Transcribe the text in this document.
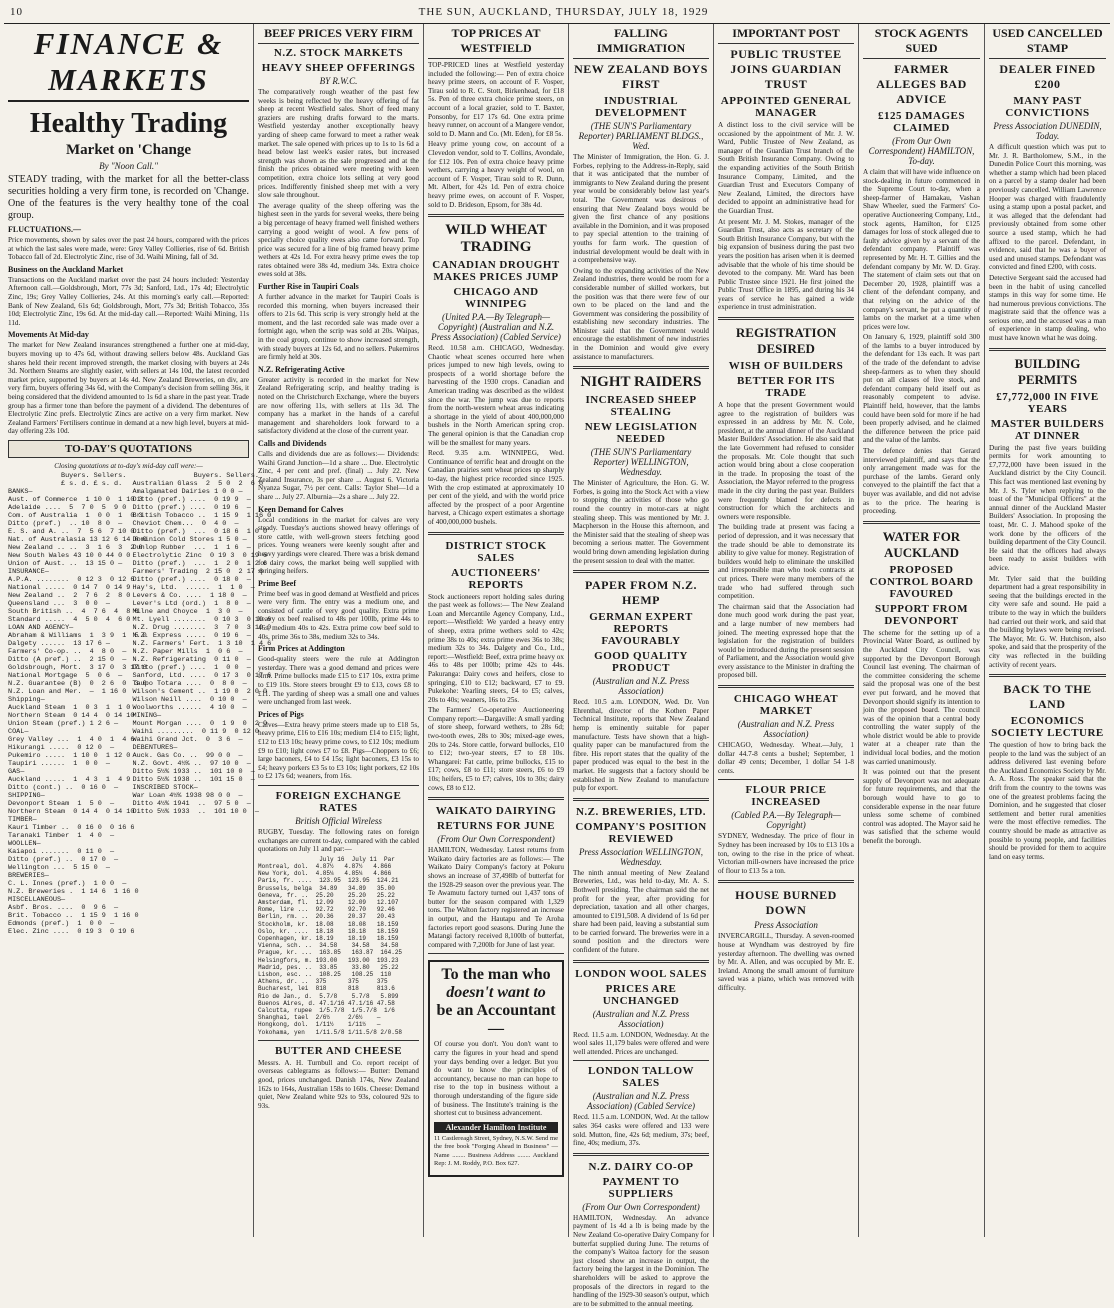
10	THE SUN, AUCKLAND, THURSDAY, JULY 18, 1929
FINANCE & MARKETS
Healthy Trading
Market on 'Change
By "Noon Call."
STEADY trading, with the market for all the better-class securities holding a very firm tone, is recorded on 'Change. One of the features is the very healthy tone of the coal group.
FLUCTUATIONS.—
Price movements, shown by sales over the past 24 hours, compared with the prices at which the last sales were made, were: Grey Valley Collieries, rise of 6d. British Tobacco fall of 2d. Electrolytic Zinc, rise of 3d. Waihi Mining, fall of 3d.
Business on the Auckland Market
Transactions on the Auckland market over the past 24 hours included: Yesterday Afternoon call.—Goldsbrough, Mort, 77s 3d; Sanford, Ltd., 17s 4d; Electrolytic Zinc, 19s; Grey Valley Collieries, 24s. At this morning's early call.—Reported: Bank of New Zealand, 61s 6d; Goldsbrough, Mort, 77s 3d; British Tobacco, 35s 10d; Electrolytic Zinc, 19s 6d. At the mid-day call.—Reported: Waihi Mining, 11s 11d.
Movements At Mid-day
The market for New Zealand insurances strengthened a further one at mid-day, buyers moving up to 47s 6d, without drawing sellers below 48s. Auckland Gas shares held their recent improved strength, the market closing with buyers at 24s 3d. Northern Steams are slightly easier, with sellers at 14s 10d, the latest recorded market price, supported by buyers at 14s 4d. New Zealand Breweries, on div, are very firm, buyers offering 34s 6d, with the Company's decision from selling 36s, it being considered that the dividend amounted to 1s 6d a share in the past year. Trade group has a firmer tone than before the payment of a dividend. The debentures of Electrolytic Zinc prefs. Electrolytic Zincs are active on a very firm market. New Zealand Farmers' Fertilisers continue in demand at a new high level, buyers at mid-day offering 23s 10d.
TO-DAY'S QUOTATIONS
Closing quotations at to-day's mid-day call were:—
Buyers. Sellers.
£ s. d. £ s. d.
BANKS—
Aust. of Commerce  1 10 0  1 10 3
Adelaide ....  5  7 0  5  9 0
Com. of Australia  1  0 0  1  0 3
Ditto (pref.)  .. 10  8 0  —
E. S. and A. ..  7  5 6  7 10 0
Nat. of Australasia 13 12 6 14 0 0
New Zealand .. ..  3  1 6  3  2 0
New South Wales 43 10 0 44 0 0
Union of Aust. ..  13 15 0 —
INSURANCE—
A.P.A. ........  0 12 3  0 12 6
National .....  0 14 7  0 14 9
New Zealand ..  2  7 6  2  8 0
Queensland ...  3  0 0  —
South British ..  4  7 6  4  8 6
Standard .....  4  5 0  4  6 0
LOAN AND AGENCY—
Abraham & Williams  1  3 9  1  5 0
Dalgety ......  13 17 6 —
Farmers' Co-op. ..  4  8 0  —
Ditto (A pref.) ..  2 15 0  —
Goldsbrough, Mort.  3 17 0  3 17 6
National Mortgage  5  0 6  —
N.Z. Guarantee (B)  0  2 6  0  3 0
N.Z. Loan and Mer.  —  1 16 0
Shipping—
Auckland Steam  1  0 3  1  1 0
Northern Steam  0 14 4  0 14 10
Union Steam (pref.) 1 2 6 —
COAL—
Grey Valley ...  1  4 0  1  4 6
Hikurangi .....  0 12 0  —
Pukemiro .....  1 10 0  1 12 0
Taupiri ......  1  0 0  —
GAS—
Auckland .....  1  4 3  1  4 9
Ditto (cont.) ..  0 16 0  —
SHIPPING—
Devonport Steam  1  5 0  —
Northern Steam  0 14 4  0 14 10
TIMBER—
Kauri Timber ..  0 16 0  0 16 6
Taranaki Timber  1  4 0  —
WOOLLEN—
Kaiapoi .......  0 11 0  —
Ditto (pref.) ..  0 17 0  —
Wellington ...  5 15 0  —
BREWERIES—
C. L. Innes (pref.)  1 0 0  —
N.Z. Breweries .  1 14 6  1 16 0
MISCELLANEOUS—
Asbf. Bros. ....  0  9 6  —
Brit. Tobacco ..  1 15 9  1 16 0
Edmonds (pref.)  1  0 0  —
Elec. Zinc ....  0 19 3  0 19 6
Buyers. Sellers.
Australian Glass  2  5 0  2  6 0
Amalgamated Dairies 1 0 0 —
Ditto (pref.) ....  0 19 9  —
Ditto (pref.) ....  0 19 6  —
British Tobacco ..  1 15 9  1 16 0
Cheviot Chem...  0  4 0  —
Ditto (pref.)  ...  0 18 6  1 0 0
Dominion Cold Stores 1 5 0 —
Dunlop Rubber  ...  1  1 6  —
Electrolytic Zinc  0 19 3  0 19 6
Ditto (pref.)  ...  1  2 0  1 2 6
Farmers' Trading  2 15 0  2 17 6
Ditto (pref.) ....  0 18 0  —
Hay's, Ltd.  ......  1  1 0  —
Levers & Co. ....  1 18 0  —
Lever's Ltd (ord.)  1  8 0  —
Milne and Choyce  1  3 0  —
Mt. Lyell ........  0 10 3  0 10 6
N.Z. Drug ........  3  7 0  3 10 0
N.Z. Express .....  0 19 6  —
N.Z. Farmers' Fert.  1 3 10  1 4 6
N.Z. Paper Mills  1  0 6  —
N.Z. Refrigerating  0 11 0  —
Ditto (pref.) ....  1  0 0  —
Sanford, Ltd. ....  0 17 3  0 17 6
Taupo Totara ....  0  8 0  —
Wilson's Cement ..  1 19 0  2 0 0
Wilson Neill ....  0 10 0  —
Woolworths ......  4 10 0  —
MINING—
Mount Morgan ....  0  1 9  0  2 0
Waihi .........  0 11 9  0 12 0
Waihi Grand Jct.  0  3 6  —
DEBENTURES—
Auck. Gas Co. ..  99 0 0  —
N.Z. Govt. 4½% ..  97 10 0  —
Ditto 5½% 1933 ..  101 10 0  —
Ditto 5½% 1938 ..  101 15 0  —
INSCRIBED STOCK—
War Loan 4½% 1938 98 0 0  —
Ditto 4½% 1941  ..  97 5 0  —
Ditto 5½% 1933  ..  101 10 0  —
BEEF PRICES VERY FIRM
N.Z. STOCK MARKETS
HEAVY SHEEP OFFERINGS
BY R.W.C.
The comparatively rough weather of the past few weeks is being reflected by the heavy offering of fat sheep at recent Westfield sales. Short of feed many graziers are rushing drafts forward to the marts. Westfield yesterday another exceptionally heavy yarding of sheep came forward to meet a rather weak market. The sale opened with prices up to 1s to 1s 6d a head below last week's easier rates, but increased strength was shown as the sale progressed and at the finish the prices obtained were meeting with keen competition, extra choice lots selling at very good prices. Indifferently finished sheep met with a very slow sale throughout.
The average quality of the sheep offering was the highest seen in the yards for several weeks, there being a big percentage of heavy framed well finished wethers carrying a good weight of wool. A few pens of specially choice quality ewes also came forward. Top price was secured for a line of big framed heavy prime wethers at 42s 1d. For extra heavy prime ewes the top rates obtained were 38s 4d, medium 34s. Extra choice ewes sold at 38s.
Further Rise in Taupiri Coals
A further advance in the market for Taupiri Coals is recorded this morning, when buyers increased their offers to 21s 6d. This scrip is very strongly held at the moment, and the last recorded sale was made over a fortnight ago, when the scrip was sold at 20s. Waipas, in the coal group, continue to show increased strength, with steady buyers at 12s 6d, and no sellers. Pukemiros are firmly held at 30s.
N.Z. Refrigerating Active
Greater activity is recorded in the market for New Zealand Refrigerating scrip, and healthy trading is noted on the Christchurch Exchange, where the buyers are now offering 11s, with sellers at 11s 3d. The company has a market in the hands of a careful management and shareholders look forward to a satisfactory dividend at the close of the current year.
Calls and Dividends
Calls and dividends due are as follows:— Dividends: Waihi Grand Junction—1d a share ... Due. Electrolytic Zinc, 4 per cent and pref. (final) ... July 22. New Zealand Insurance, 3s per share ... August 6. Victoria Nyanza Sugar, 7½ per cent. Calls: Taylor Shel—1d a share ... July 27. Alburnia—2s a share ... July 22.
Keen Demand for Calves
Local conditions in the market for calves are very steady. Tuesday's auctions showed heavy offerings of store cattle, with well-grown steers fetching good prices. Young weaners were keenly sought after and heavy yardings were cleared. There was a brisk demand for dairy cows, the market being well supplied with springing heifers.
Prime Beef
Prime beef was in good demand at Westfield and prices were very firm. The entry was a medium one, and consisted of cattle of very good quality. Extra prime heavy ox beef realised to 48s per 100lb, prime 44s to 46s, medium 40s to 42s. Extra prime cow beef sold to 40s, prime 36s to 38s, medium 32s to 34s.
Firm Prices at Addington
Good-quality steers were the rule at Addington yesterday. There was a good demand and prices were firm. Prime bullocks made £15 to £17 10s, extra prime to £19 10s. Store steers brought £9 to £13, cows £8 to £11. The yarding of sheep was a small one and values were unchanged from last week.
Prices of Pigs
Calves—Extra heavy prime steers made up to £18 5s, heavy prime, £16 to £16 10s; medium £14 to £15; light, £12 to £13 10s; heavy prime cows, to £12 10s; medium £9 to £10; light cows £7 to £8. Pigs—Choppers to £6; large baconers, £4 to £4 15s; light baconers, £3 15s to £4; heavy porkers £3 5s to £3 10s; light porkers, £2 10s to £2 17s 6d; weaners, from 16s.
FOREIGN EXCHANGE RATES
British Official Wireless
RUGBY, Tuesday. The following rates on foreign exchanges are current to-day, compared with the cabled quotations on July 11 and par:—
July 16  July 11  Par
Montreal, dol.  4.87½   4.87½   4.866
New York, dol.  4.85¼   4.85¼   4.866
Paris, fr. ....  123.95  123.95  124.21
Brussels, belga  34.89   34.89   35.00
Geneva, fr. ..  25.20    25.20   25.22
Amsterdam, fl.  12.09    12.09   12.107
Rome, lire ...  92.72    92.70   92.46
Berlin, rm. ..  20.36    20.37   20.43
Stockholm, kr.  18.08    18.08   18.159
Oslo, kr. ....  18.18    18.18   18.159
Copenhagen, kr. 18.19    18.19   18.159
Vienna, sch. ..  34.58    34.58   34.58
Prague, kr. ...  163.85   163.87  164.25
Helsingfors, m. 193.00   193.00  193.23
Madrid, pes. ..  33.85    33.80   25.22
Lisbon, esc. ..  108.25   108.25  110
Athens, dr. ..  375      375     375
Bucharest, lei  818      818     813.6
Rio de Jan., d.  5.7/8    5.7/8   5.899
Buenos Aires, d. 47.1/16 47.1/16 47.58
Calcutta, rupee  1/5.7/8  1/5.7/8  1/6
Shanghai, tael  2/6½     2/6½    —
Hongkong, dol.  1/11½    1/11½   —
Yokohama, yen   1/11.5/8 1/11.5/8 2/0.58
BUTTER AND CHEESE
Messrs. A. H. Turnbull and Co. report receipt of overseas cablegrams as follows:— Butter: Demand good, prices unchanged. Danish 174s, New Zealand 162s to 164s, Australian 158s to 160s. Cheese: Demand quiet, New Zealand white 92s to 93s, coloured 92s to 93s.
TOP PRICES AT WESTFIELD
TOP-PRICED lines at Westfield yesterday included the following:— Pen of extra choice heavy prime steers, on account of F. Vosper, Tirau sold to R. C. Stott, Birkenhead, for £18 5s. Pen of three extra choice prime steers, on account of a local grazier, sold to T. Baxter, Ponsonby, for £17 17s 6d. One extra prime heavy runner, on account of a Mangere vendor, sold to D. Mann and Co. (Mt. Eden), for £8 5s.
Heavy prime young cow, on account of a Clevedon vendor, sold to T. Collins, Avondale, for £12 10s. Pen of extra choice heavy prime wethers, carrying a heavy weight of wool, on account of F. Vosper, Tirau sold to R. Dunn, Mt. Albert, for 42s 1d. Pen of extra choice heavy prime ewes, on account of F. Vosper, sold to D. Brideson, Epsom, for 38s 4d.
WILD WHEAT TRADING
CANADIAN DROUGHT MAKES PRICES JUMP
CHICAGO AND WINNIPEG
(United P.A.—By Telegraph—Copyright) (Australian and N.Z. Press Association) (Cabled Service)
Recd. 10.58 a.m. CHICAGO, Wednesday. Chaotic wheat scenes occurred here when prices jumped to new high levels, owing to prospects of a world shortage before the harvesting of the 1930 crops. Canadian and American trading was described as the wildest since the war. The jump was due to reports from the north-western wheat areas indicating a shortage in the yield of about 400,000,000 bushels in the North American spring crop. The general opinion is that the Canadian crop will be the smallest for many years.
Recd. 9.35 a.m. WINNIPEG, Wed. Continuance of terrific heat and drought on the Canadian prairies sent wheat prices up sharply to-day, the highest price recorded since 1925. With the crop estimated at approximately 10 per cent of the yield, and with the world price affected by the prospect of a poor Argentine harvest, a Chicago expert estimates a shortage of 400,000,000 bushels.
DISTRICT STOCK SALES
AUCTIONEERS' REPORTS
Stock auctioneers report holding sales during the past week as follows:— The New Zealand Loan and Mercantile Agency Company, Ltd., report:—Westfield: We yarded a heavy entry of sheep, extra prime wethers sold to 42s; prime 38s to 40s; extra prime ewes 36s to 38s; medium 32s to 34s. Dalgety and Co., Ltd., report:—Westfield: Beef, extra prime heavy ox 46s to 48s per 100lb; prime 42s to 44s. Pakuranga: Dairy cows and heifers, close to springing, £10 to £12; backward, £7 to £9. Pukekohe: Yearling steers, £4 to £5; calves, 20s to 40s; weaners, 16s to 25s.
The Farmers' Co-operative Auctioneering Company report:—Dargaville: A small yarding of store sheep, forward wethers, to 28s 6d; two-tooth ewes, 28s to 30s; mixed-age ewes, 20s to 24s. Store cattle, forward bullocks, £10 to £12; two-year steers, £7 to £8 10s. Whangarei: Fat cattle, prime bullocks, £15 to £17; cows, £8 to £11; store steers, £6 to £9 10s; heifers, £5 to £7; calves, 10s to 30s; dairy cows, £8 to £12.
WAIKATO DAIRYING
RETURNS FOR JUNE
(From Our Own Correspondent)
HAMILTON, Wednesday. Latest returns from Waikato dairy factories are as follows:— The Waikato Dairy Company's factory at Pokuru shows an increase of 37,498lb of butterfat for the 1928-29 season over the previous year. The Te Awamutu factory turned out 1,437 tons of butter for the season compared with 1,329 tons. The Walton factory registered an increase in output, and the Hautapu and Te Aroha factories report good seasons. During June the Matangi factory received 8,100lb of butterfat, compared with 7,200lb for June of last year.
To the man who
doesn't want to
be an Accountant—
Of course you don't. You don't want to carry the figures in your head and spend your days bending over a ledger. But you do want to know the principles of accountancy, because no man can hope to rise to the top in business without a thorough understanding of the figure side of business. The Institute's training is the shortest cut to business advancement.
Alexander Hamilton Institute
11 Castlereagh Street, Sydney, N.S.W. Send me the free book "Forging Ahead in Business" — Name ........ Business Address ........ Auckland Rep: J. M. Roddy, P.O. Box 627.
FALLING IMMIGRATION
NEW ZEALAND BOYS FIRST
INDUSTRIAL DEVELOPMENT
(THE SUN'S Parliamentary Reporter) PARLIAMENT BLDGS., Wed.
The Minister of Immigration, the Hon. G. J. Forbes, replying to the Address-in-Reply, said that it was anticipated that the number of immigrants to New Zealand during the present year would be considerably below last year's total. The Government was desirous of ensuring that New Zealand boys would be given the first chance of any positions available in the Dominion, and it was proposed to pay special attention to the training of youths for farm work. The question of industrial development would be dealt with in a comprehensive way.
Owing to the expanding activities of the New Zealand industries, there would be room for a considerable number of skilled workers, but the position was that there were few of our own to be placed on the land and the Government was considering the possibility of establishing new secondary industries. The Minister said that the Government would encourage the establishment of new industries in the Dominion and would give every assistance to manufacturers.
NIGHT RAIDERS
INCREASED SHEEP STEALING
NEW LEGISLATION NEEDED
(THE SUN'S Parliamentary Reporter) WELLINGTON, Wednesday.
The Minister of Agriculture, the Hon. G. W. Forbes, is going into the Stock Act with a view to stopping the activities of those who go round the country in motor-cars at night stealing sheep. This was mentioned by Mr. J. Macpherson in the House this afternoon, and the Minister said that the stealing of sheep was becoming a serious matter. The Government would bring down amending legislation during the present session to deal with the matter.
PAPER FROM N.Z. HEMP
GERMAN EXPERT REPORTS FAVOURABLY
GOOD QUALITY PRODUCT
(Australian and N.Z. Press Association)
Recd. 10.5 a.m. LONDON, Wed. Dr. Von Ehrenthal, director of the Kothen Paper Technical Institute, reports that New Zealand hemp is eminently suitable for paper manufacture. Tests have shown that a high-quality paper can be manufactured from the fibre. His report states that the quality of the paper produced was equal to the best in the market. He suggests that a factory should be established in New Zealand to manufacture pulp for export.
N.Z. BREWERIES, LTD.
COMPANY'S POSITION REVIEWED
Press Association WELLINGTON, Wednesday.
The ninth annual meeting of New Zealand Breweries, Ltd., was held to-day, Mr. A. S. Bothwell presiding. The chairman said the net profit for the year, after providing for depreciation, taxation and all other charges, amounted to £191,508. A dividend of 1s 6d per share had been paid, leaving a substantial sum to be carried forward. The breweries were in a sound position and the directors were confident of the future.
LONDON WOOL SALES
PRICES ARE UNCHANGED
(Australian and N.Z. Press Association)
Recd. 11.5 a.m. LONDON, Wednesday. At the wool sales 11,179 bales were offered and were well attended. Prices are unchanged.
LONDON TALLOW SALES
(Australian and N.Z. Press Association) (Cabled Service)
Recd. 11.5 a.m. LONDON, Wed. At the tallow sales 364 casks were offered and 133 were sold. Mutton, fine, 42s 6d; medium, 37s; beef, fine, 40s; medium, 37s.
N.Z. DAIRY CO-OP
PAYMENT TO SUPPLIERS
(From Our Own Correspondent)
HAMILTON, Wednesday. An advance payment of 1s 4d a lb is being made by the New Zealand Co-operative Dairy Company for butterfat supplied during June. The returns of the company's Waitoa factory for the season just closed show an increase in output, the factory being the largest in the Dominion. The shareholders will be asked to approve the proposals of the directors in regard to the handling of the 1929-30 season's output, which are to be submitted to the annual meeting.
IMPORTANT POST
PUBLIC TRUSTEE JOINS GUARDIAN TRUST
APPOINTED GENERAL MANAGER
A distinct loss to the civil service will be occasioned by the appointment of Mr. J. W. Ward, Public Trustee of New Zealand, as manager of the Guardian Trust branch of the South British Insurance Company. Owing to the expanding activities of the South British Insurance Company, Limited, and the Guardian Trust and Executors Company of New Zealand, Limited, the directors have decided to appoint an administrative head for the Guardian Trust.
At present Mr. J. M. Stokes, manager of the Guardian Trust, also acts as secretary of the South British Insurance Company, but with the big expansion of business during the past two years the position has arisen when it is deemed advisable that the whole of his time should be devoted to the company. Mr. Ward has been Public Trustee since 1921. He first joined the Public Trust Office in 1895, and during his 34 years of service he has gained a wide experience in trust administration.
REGISTRATION DESIRED
WISH OF BUILDERS
BETTER FOR ITS TRADE
A hope that the present Government would agree to the registration of builders was expressed in an address by Mr. N. Cole, president, at the annual dinner of the Auckland Master Builders' Association. He also said that the late Government had refused to consider the proposals. Mr. Cole thought that such action would bring about a close cooperation in the trade. In proposing the toast of the Association, the Mayor referred to the progress made in the city during the past year. Builders were frequently blamed for defects in construction for which the architects and owners were responsible.
The building trade at present was facing a period of depression, and it was necessary that the trade should be able to demonstrate its ability to give value for money. Registration of builders would help to eliminate the unskilled and irresponsible man who took contracts at cut prices. There were many members of the trade who had suffered through such competition.
The chairman said that the Association had done much good work during the past year, and a large number of new members had joined. The meeting expressed hope that the legislation for the registration of builders would be introduced during the present session of Parliament, and the Association would give every assistance to the Minister in drafting the proposed bill.
CHICAGO WHEAT MARKET
(Australian and N.Z. Press Association)
CHICAGO, Wednesday. Wheat.—July, 1 dollar 44.7-8 cents a bushel; September, 1 dollar 49 cents; December, 1 dollar 54 1-8 cents.
FLOUR PRICE INCREASED
(Cabled P.A.—By Telegraph—Copyright)
SYDNEY, Wednesday. The price of flour in Sydney has been increased by 10s to £13 10s a ton, owing to the rise in the price of wheat. Victorian mill-owners have increased the price of flour to £13 5s a ton.
HOUSE BURNED DOWN
Press Association
INVERCARGILL, Thursday. A seven-roomed house at Wyndham was destroyed by fire yesterday afternoon. The dwelling was owned by Mr. A. Allen, and was occupied by Mr. E. Ireland. Among the small amount of furniture saved was a piano, which was removed with difficulty.
STOCK AGENTS SUED
FARMER ALLEGES BAD ADVICE
£125 DAMAGES CLAIMED
(From Our Own Correspondent) HAMILTON, To-day.
A claim that will have wide influence on stock-dealing in future commenced in the Supreme Court to-day, when a sheep-farmer of Hamakau, Vashan Shaw Wheeler, sued the Farmers' Co-operative Auctioneering Company, Ltd., stock agents, Hamilton, for £125 damages for loss of stock alleged due to faulty advice given by a servant of the defendant company. Plaintiff was represented by Mr. H. T. Gillies and the defendant company by Mr. W. D. Gray. The statement of claim sets out that on December 20, 1928, plaintiff was a client of the defendant company, and that relying on the advice of the company's servant, he put a quantity of lambs on the market at a time when prices were low.
On January 6, 1929, plaintiff sold 300 of the lambs to a buyer introduced by the defendant for 13s each. It was part of the trade of the defendant to advise sheep-farmers as to when they should put on all classes of live stock, and defendant company held itself out as reasonably competent to advise. Plaintiff held, however, that the lambs could have been sold for more if he had been properly advised, and he claimed the difference between the price paid and the value of the lambs.
The defence denies that Gerard interviewed plaintiff, and says that the only arrangement made was for the purchase of the lambs. Gerard only conveyed to the plaintiff the fact that a buyer was available, and did not advise as to the price. The hearing is proceeding.
WATER FOR AUCKLAND
PROPOSED CONTROL BOARD FAVOURED
SUPPORT FROM DEVONPORT
The scheme for the setting up of a Provincial Water Board, as outlined by the Auckland City Council, was supported by the Devonport Borough Council last evening. The chairman of the committee considering the scheme said the proposal was one of the best ever put forward, and he moved that Devonport should signify its intention to join the proposed board. The council was of the opinion that a central body controlling the water supply of the whole district would be able to provide water at a cheaper rate than the individual local bodies, and the motion was carried unanimously.
It was pointed out that the present supply of Devonport was not adequate for future requirements, and that the borough would have to go to considerable expense in the near future unless some scheme of combined control was adopted. The Mayor said he was satisfied that the scheme would benefit the borough.
USED CANCELLED STAMP
DEALER FINED £200
MANY PAST CONVICTIONS
Press Association DUNEDIN, Today.
A difficult question which was put to Mr. J. R. Bartholomew, S.M., in the Dunedin Police Court this morning, was whether a stamp which had been placed on a parcel by a stamp dealer had been previously cancelled. William Lawrence Hooper was charged with fraudulently using a stamp upon a postal packet, and it was alleged that the defendant had previously obtained from some other source a used stamp, which he had affixed to the parcel. Defendant, in evidence, said that he was a buyer of used and unused stamps. Defendant was convicted and fined £200, with costs.
Detective Sergeant said the accused had been in the habit of using cancelled stamps in this way for some time. He had numerous previous convictions. The magistrate said that the offence was a serious one, and the accused was a man of experience in stamp dealing, who must have known what he was doing.
BUILDING PERMITS
£7,772,000 IN FIVE YEARS
MASTER BUILDERS AT DINNER
During the past five years building permits for work amounting to £7,772,000 have been issued in the Auckland district by the City Council. This fact was mentioned last evening by Mr. J. S. Tyler when replying to the toast of the "Municipal Officers" at the annual dinner of the Auckland Master Builders' Association. In proposing the toast, Mr. C. J. Mahood spoke of the work done by the officers of the building department of the City Council. He said that the officers had always been ready to assist builders with advice.
Mr. Tyler said that the building department had a great responsibility in seeing that the buildings erected in the city were safe and sound. He paid a tribute to the way in which the builders had carried out their work, and said that the building bylaws were being revised. The Mayor, Mr. G. W. Hutchison, also spoke, and said that the prosperity of the city was reflected in the building activity of recent years.
BACK TO THE LAND
ECONOMICS SOCIETY LECTURE
The question of how to bring back the people to the land was the subject of an address delivered last evening before the Auckland Economics Society by Mr. A. A. Ross. The speaker said that the drift from the country to the towns was one of the greatest problems facing the Dominion, and he suggested that closer settlement and better rural amenities were the most effective remedies. The country should be made as attractive as possible to young people, and facilities should be provided for them to acquire land on easy terms.
